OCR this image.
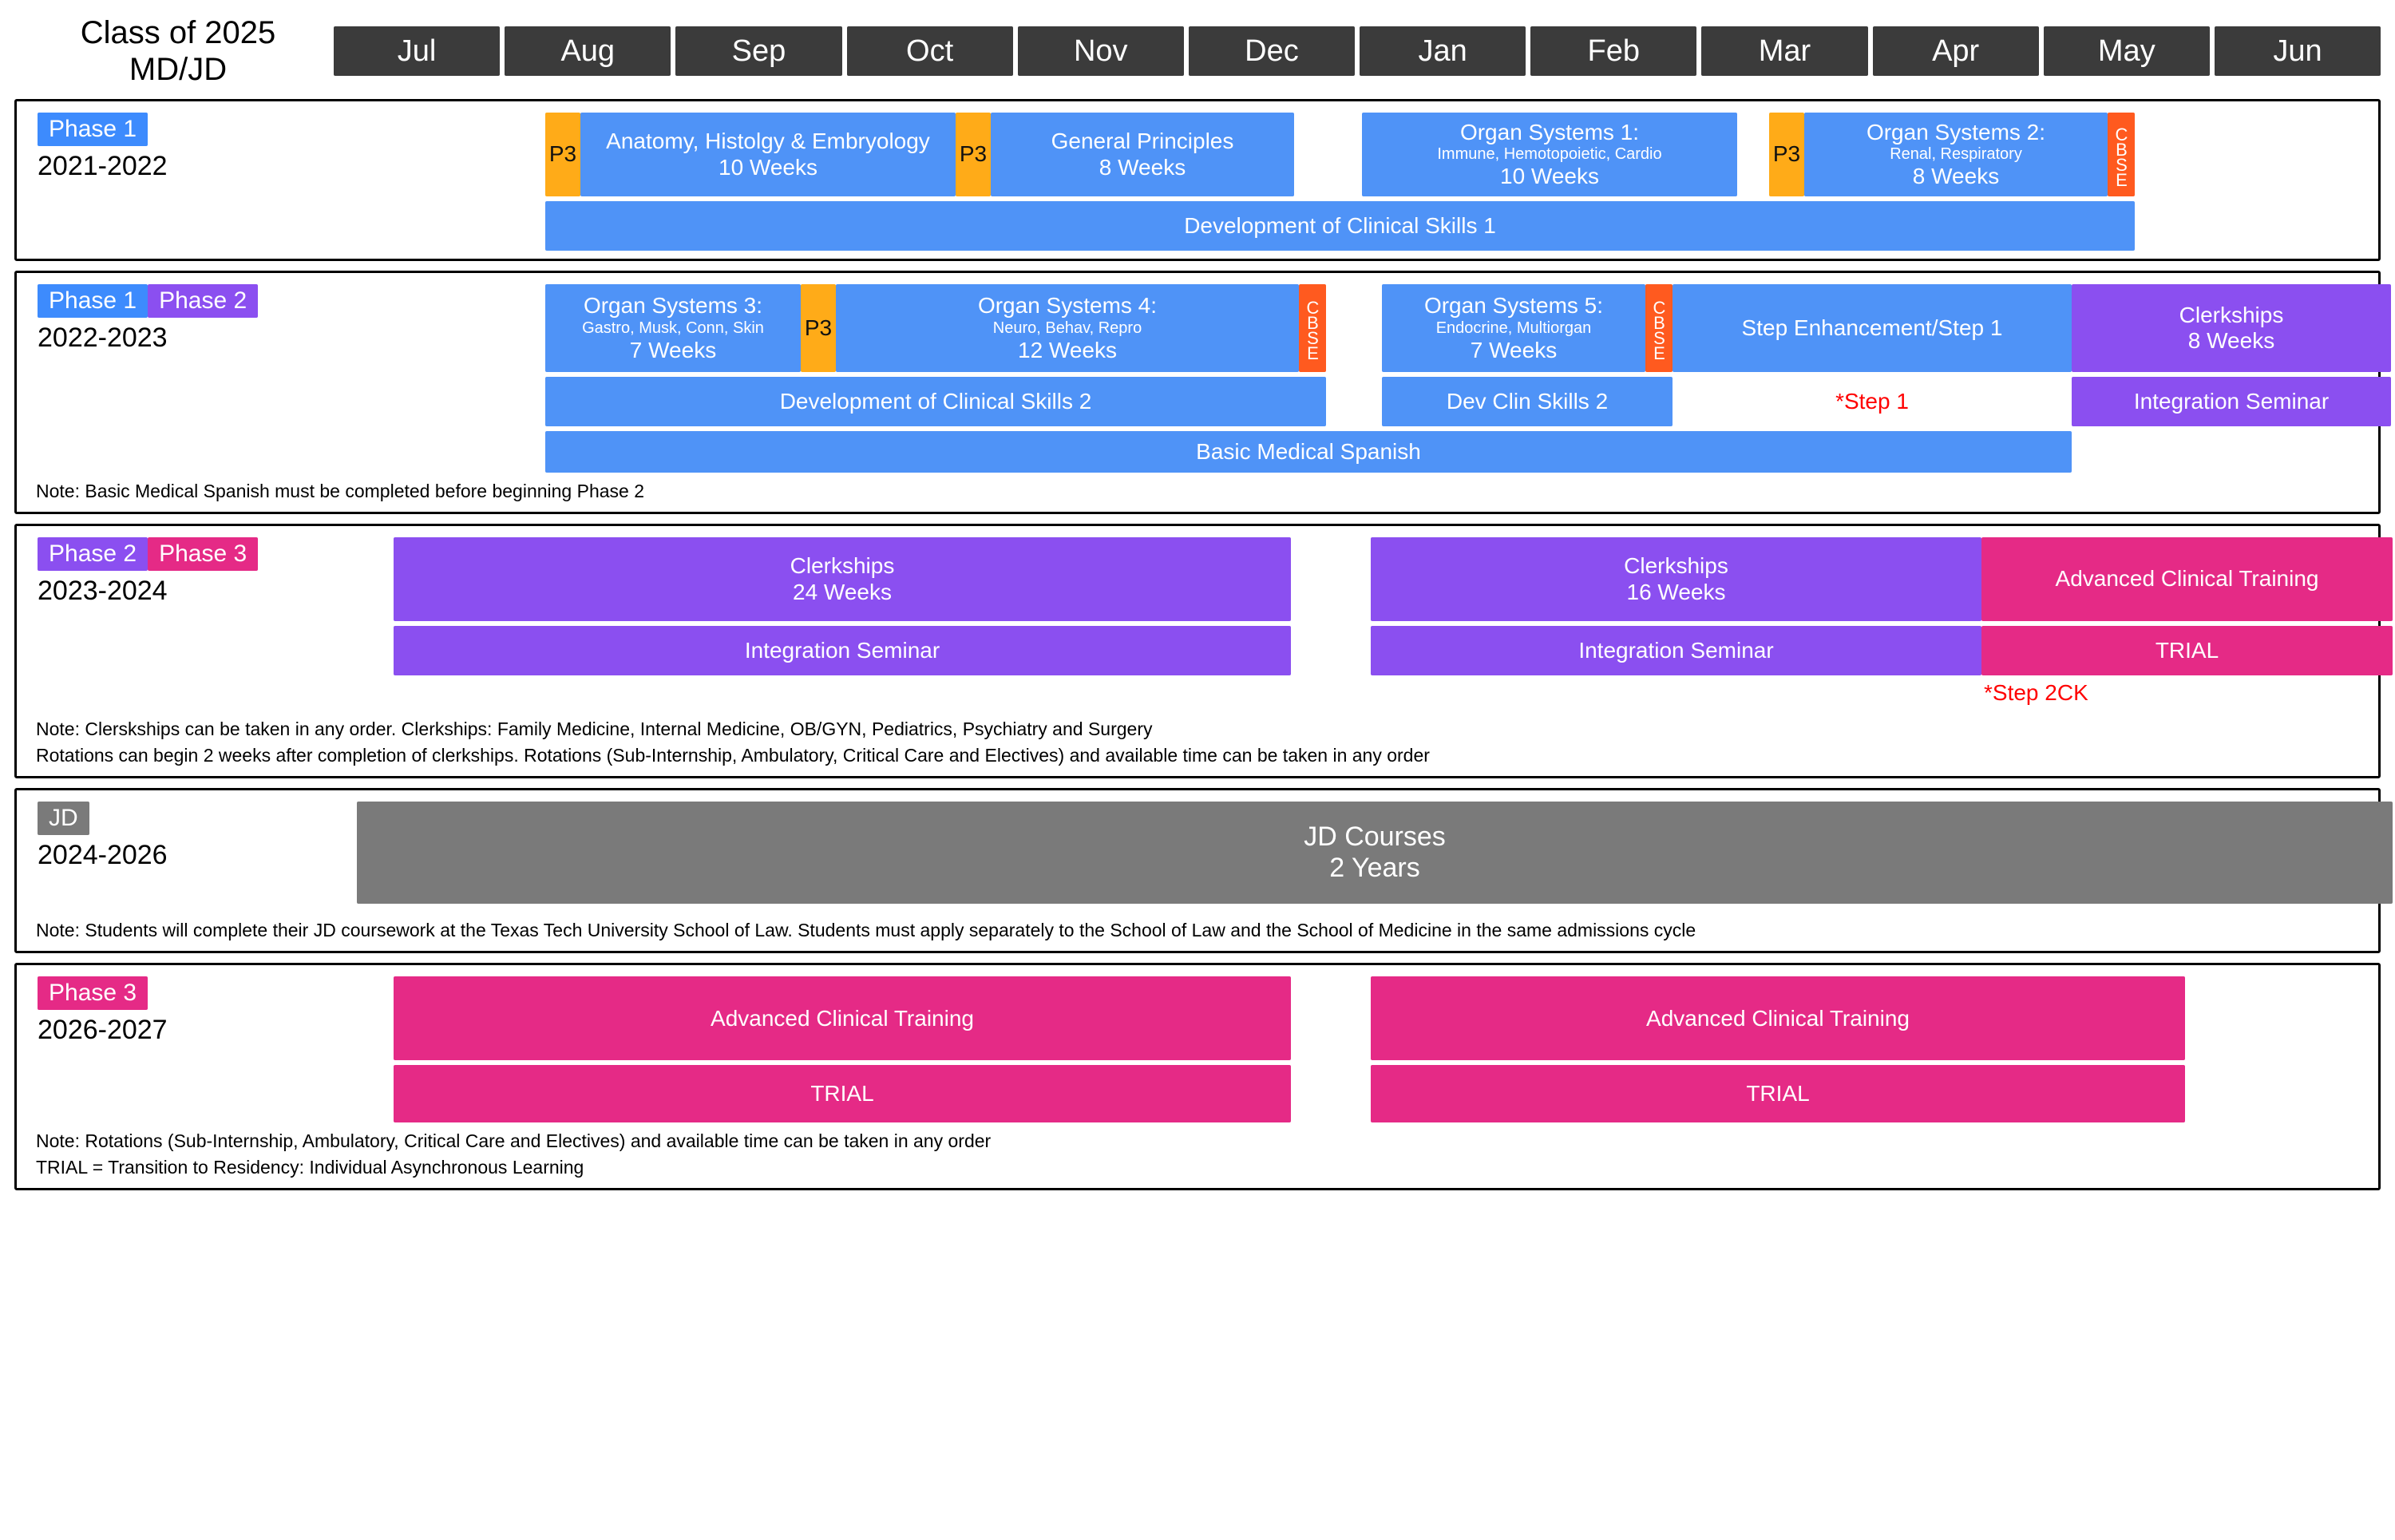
Class of 2025
MD/JD
Jul	Aug	Sep	Oct	Nov	Dec	Jan	Feb	Mar	Apr	May	Jun
Phase 1
2021-2022	P3
Anatomy, Histolgy & Embryology
10 Weeks
P3
General Principles
8 Weeks
Organ Systems 1:
Immune, Hemotopoietic, Cardio
10 Weeks
P3
Organ Systems 2:
Renal, Respiratory
8 Weeks	CBSE
Development of Clinical Skills 1
Phase 1 Phase 2
2022-2023
Organ Systems 3:
Gastro, Musk, Conn, Skin
7 Weeks
P3
Organ Systems 4:
Neuro, Behav, Repro
12 Weeks	CBSE	Organ Systems 5:
Endocrine, Multiorgan
7 Weeks	CBSE	Step Enhancement/Step 1
Clerkships
8 Weeks
Development of Clinical Skills 2	Dev Clin Skills 2	*Step 1	Integration Seminar
Basic Medical Spanish
Note: Basic Medical Spanish must be completed before beginning Phase 2
Phase 2 Phase 3
2023-2024
Clerkships
24 Weeks
Clerkships
16 Weeks
Advanced Clinical Training
Integration Seminar	Integration Seminar	TRIAL
*Step 2CK
Note: Clerskships can be taken in any order. Clerkships: Family Medicine, Internal Medicine, OB/GYN, Pediatrics, Psychiatry and Surgery
Rotations can begin 2 weeks after completion of clerkships. Rotations (Sub-Internship, Ambulatory, Critical Care and Electives) and available time can be taken in any order
JD
2024-2026
JD Courses
2 Years
Note: Students will complete their JD coursework at the Texas Tech University School of Law. Students must apply separately to the School of Law and the School of Medicine in the same admissions cycle
Phase 3
2026-2027	Advanced Clinical Training	Advanced Clinical Training
TRIAL	TRIAL
Note: Rotations (Sub-Internship, Ambulatory, Critical Care and Electives) and available time can be taken in any order
TRIAL = Transition to Residency: Individual Asynchronous Learning
